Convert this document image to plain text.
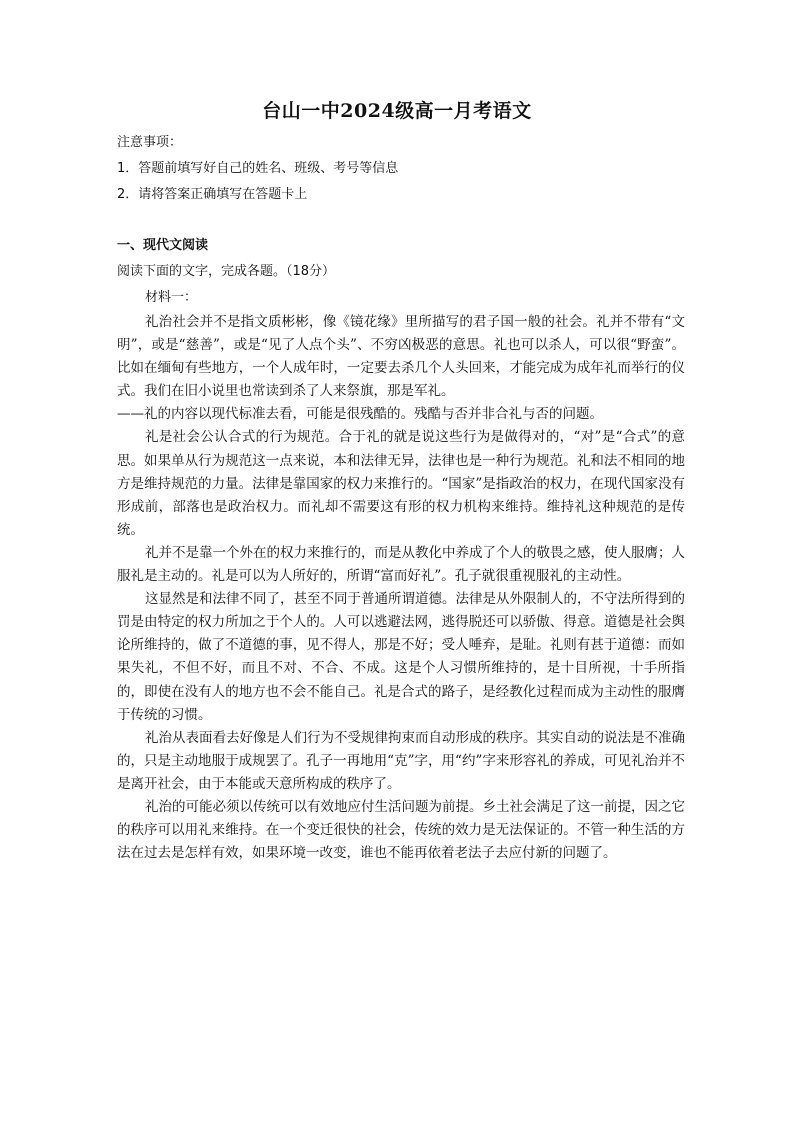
台山一中2024级高一月考语文
注意事项：
1．答题前填写好自己的姓名、班级、考号等信息
2．请将答案正确填写在答题卡上
一、现代文阅读
阅读下面的文字，完成各题。（18分）
材料一：

礼治社会并不是指文质彬彬，像《镜花缘》里所描写的君子国一般的社会。礼并不带有“文明”，或是“慈善”，或是“见了人点个头”、不穷凶极恶的意思。礼也可以杀人，可以很“野蛮”。比如在缅甸有些地方，一个人成年时，一定要去杀几个人头回来，才能完成为成年礼而举行的仪式。我们在旧小说里也常读到杀了人来祭旗，那是军礼。

——礼的内容以现代标准去看，可能是很残酷的。残酷与否并非合礼与否的问题。

礼是社会公认合式的行为规范。合于礼的就是说这些行为是做得对的，“对”是“合式”的意思。如果单从行为规范这一点来说，本和法律无异，法律也是一种行为规范。礼和法不相同的地方是维持规范的力量。法律是靠国家的权力来推行的。“国家”是指政治的权力，在现代国家没有形成前，部落也是政治权力。而礼却不需要这有形的权力机构来维持。维持礼这种规范的是传统。

礼并不是靠一个外在的权力来推行的，而是从教化中养成了个人的敬畏之感，使人服膺；人服礼是主动的。礼是可以为人所好的，所谓“富而好礼”。孔子就很重视服礼的主动性。

这显然是和法律不同了，甚至不同于普通所谓道德。法律是从外限制人的，不守法所得到的罚是由特定的权力所加之于个人的。人可以逃避法网，逃得脱还可以骄傲、得意。道德是社会舆论所维持的，做了不道德的事，见不得人，那是不好；受人唾弃，是耻。礼则有甚于道德：而如果失礼，不但不好，而且不对、不合、不成。这是个人习惯所维持的，是十目所视，十手所指的，即使在没有人的地方也不会不能自己。礼是合式的路子，是经教化过程而成为主动性的服膺于传统的习惯。

礼治从表面看去好像是人们行为不受规律拘束而自动形成的秩序。其实自动的说法是不准确的，只是主动地服于成规罢了。孔子一再地用“克”字，用“约”字来形容礼的养成，可见礼治并不是离开社会，由于本能或天意所构成的秩序了。

礼治的可能必须以传统可以有效地应付生活问题为前提。乡土社会满足了这一前提，因之它的秩序可以用礼来维持。在一个变迁很快的社会，传统的效力是无法保证的。不管一种生活的方法在过去是怎样有效，如果环境一改变，谁也不能再依着老法子去应付新的问题了。
